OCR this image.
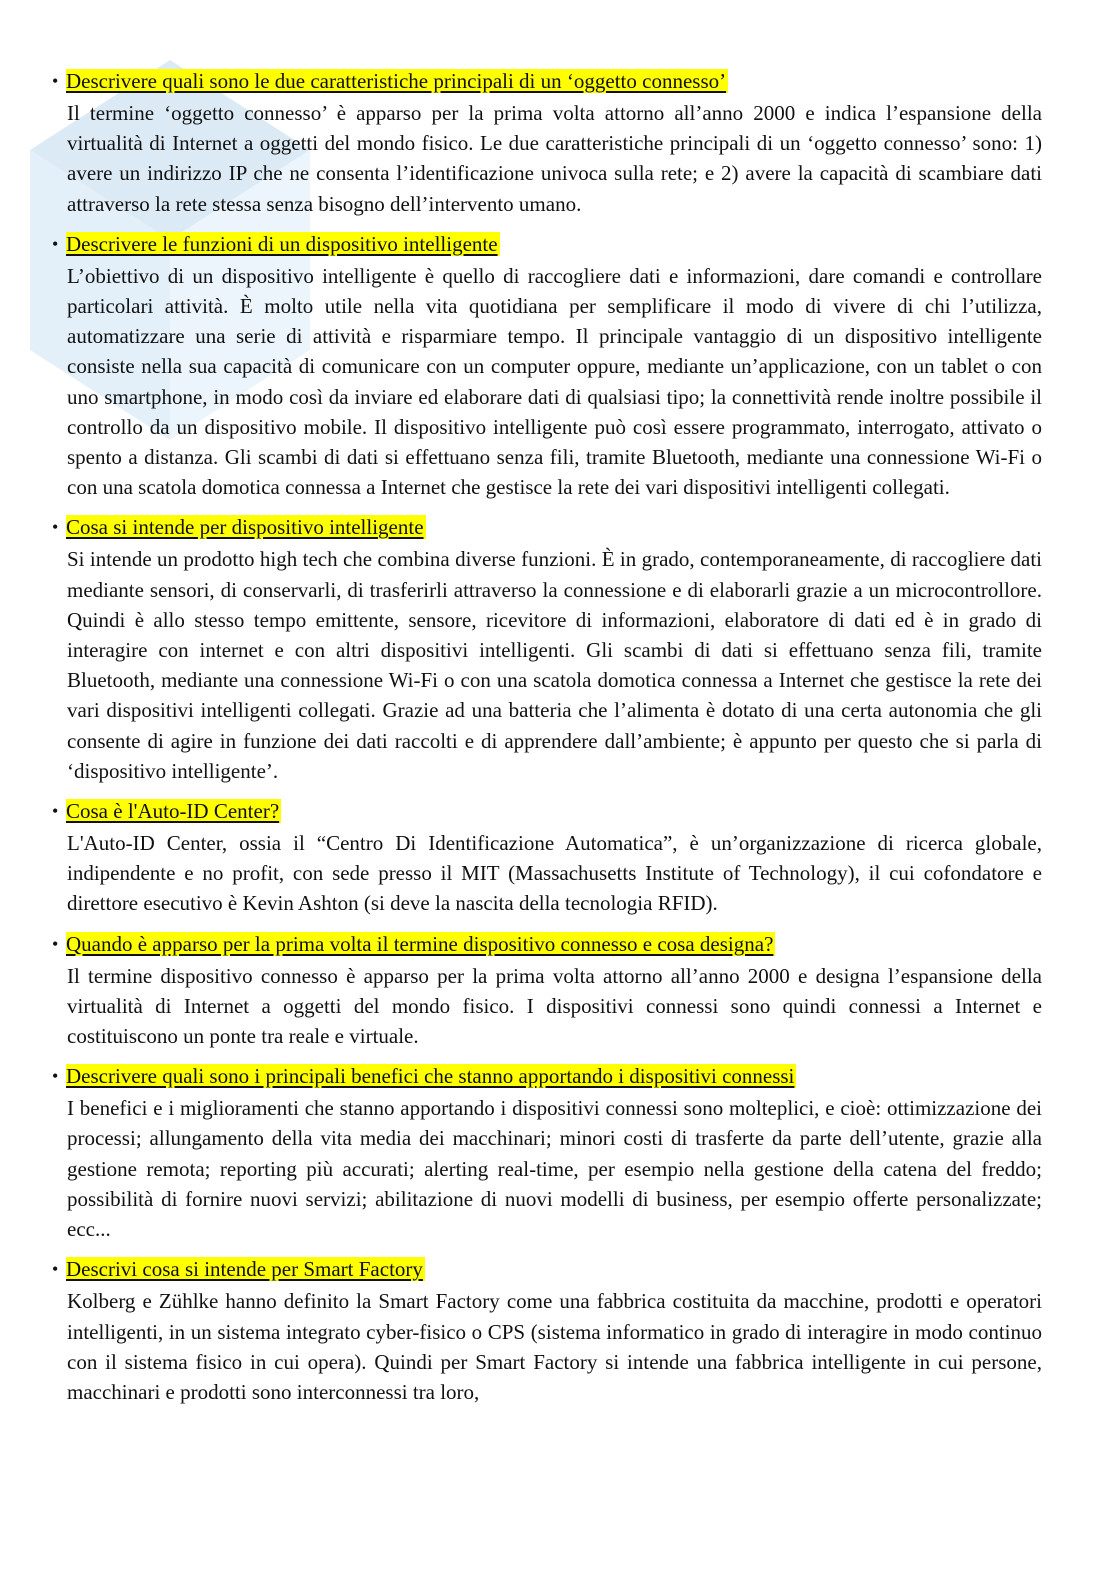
• Descrivere quali sono le due caratteristiche principali di un ‘oggetto connesso’
Il termine ‘oggetto connesso’ è apparso per la prima volta attorno all’anno 2000 e indica l’espansione della virtualità di Internet a oggetti del mondo fisico. Le due caratteristiche principali di un ‘oggetto connesso’ sono: 1) avere un indirizzo IP che ne consenta l’identificazione univoca sulla rete; e 2) avere la capacità di scambiare dati attraverso la rete stessa senza bisogno dell’intervento umano.
• Descrivere le funzioni di un dispositivo intelligente
L’obiettivo di un dispositivo intelligente è quello di raccogliere dati e informazioni, dare comandi e controllare particolari attività. È molto utile nella vita quotidiana per semplificare il modo di vivere di chi l’utilizza, automatizzare una serie di attività e risparmiare tempo. Il principale vantaggio di un dispositivo intelligente consiste nella sua capacità di comunicare con un computer oppure, mediante un’applicazione, con un tablet o con uno smartphone, in modo così da inviare ed elaborare dati di qualsiasi tipo; la connettività rende inoltre possibile il controllo da un dispositivo mobile. Il dispositivo intelligente può così essere programmato, interrogato, attivato o spento a distanza. Gli scambi di dati si effettuano senza fili, tramite Bluetooth, mediante una connessione Wi-Fi o con una scatola domotica connessa a Internet che gestisce la rete dei vari dispositivi intelligenti collegati.
• Cosa si intende per dispositivo intelligente
Si intende un prodotto high tech che combina diverse funzioni. È in grado, contemporaneamente, di raccogliere dati mediante sensori, di conservarli, di trasferirli attraverso la connessione e di elaborarli grazie a un microcontrollore. Quindi è allo stesso tempo emittente, sensore, ricevitore di informazioni, elaboratore di dati ed è in grado di interagire con internet e con altri dispositivi intelligenti. Gli scambi di dati si effettuano senza fili, tramite Bluetooth, mediante una connessione Wi-Fi o con una scatola domotica connessa a Internet che gestisce la rete dei vari dispositivi intelligenti collegati. Grazie ad una batteria che l’alimenta è dotato di una certa autonomia che gli consente di agire in funzione dei dati raccolti e di apprendere dall’ambiente; è appunto per questo che si parla di ‘dispositivo intelligente’.
• Cosa è l'Auto-ID Center?
L'Auto-ID Center, ossia il “Centro Di Identificazione Automatica”, è un’organizzazione di ricerca globale, indipendente e no profit, con sede presso il MIT (Massachusetts Institute of Technology), il cui cofondatore e direttore esecutivo è Kevin Ashton (si deve la nascita della tecnologia RFID).
• Quando è apparso per la prima volta il termine dispositivo connesso e cosa designa?
Il termine dispositivo connesso è apparso per la prima volta attorno all’anno 2000 e designa l’espansione della virtualità di Internet a oggetti del mondo fisico. I dispositivi connessi sono quindi connessi a Internet e costituiscono un ponte tra reale e virtuale.
• Descrivere quali sono i principali benefici che stanno apportando i dispositivi connessi
I benefici e i miglioramenti che stanno apportando i dispositivi connessi sono molteplici, e cioè: ottimizzazione dei processi; allungamento della vita media dei macchinari; minori costi di trasferte da parte dell’utente, grazie alla gestione remota; reporting più accurati; alerting real-time, per esempio nella gestione della catena del freddo; possibilità di fornire nuovi servizi; abilitazione di nuovi modelli di business, per esempio offerte personalizzate; ecc...
• Descrivi cosa si intende per Smart Factory
Kolberg e Zühlke hanno definito la Smart Factory come una fabbrica costituita da macchine, prodotti e operatori intelligenti, in un sistema integrato cyber-fisico o CPS (sistema informatico in grado di interagire in modo continuo con il sistema fisico in cui opera). Quindi per Smart Factory si intende una fabbrica intelligente in cui persone, macchinari e prodotti sono interconnessi tra loro,
